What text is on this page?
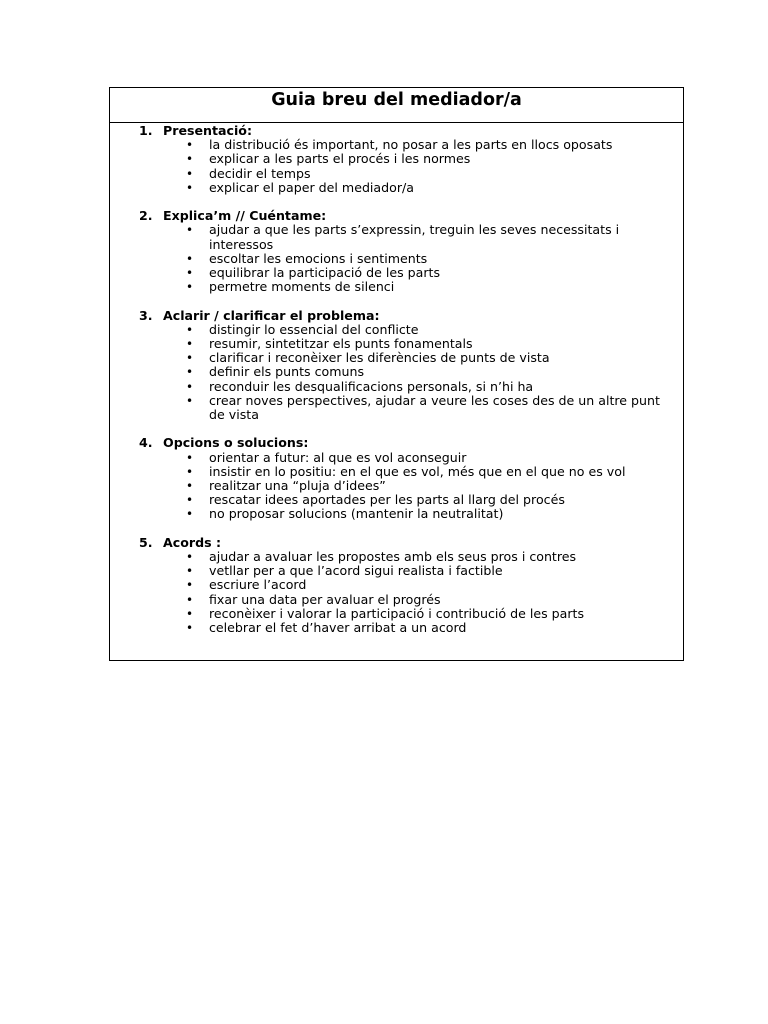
Guia breu del mediador/a
1. Presentació:
• la distribució és important, no posar a les parts en llocs oposats
• explicar a les parts el procés i les normes
• decidir el temps
• explicar el paper del mediador/a
2. Explica’m // Cuéntame:
• ajudar a que les parts s’expressin, treguin les seves necessitats i interessos
• escoltar les emocions i sentiments
• equilibrar la participació de les parts
• permetre moments de silenci
3. Aclarir / clarificar el problema:
• distingir lo essencial del conflicte
• resumir, sintetitzar els punts fonamentals
• clarificar i reconèixer les diferències de punts de vista
• definir els punts comuns
• reconduir les desqualificacions personals, si n’hi ha
• crear noves perspectives, ajudar a veure les coses des de un altre punt de vista
4. Opcions o solucions:
• orientar a futur: al que es vol aconseguir
• insistir en lo positiu: en el que es vol, més que en el que no es vol
• realitzar una “pluja d’idees”
• rescatar idees aportades per les parts al llarg del procés
• no proposar solucions (mantenir la neutralitat)
5. Acords :
• ajudar a avaluar les propostes amb els seus pros i contres
• vetllar per a que l’acord sigui realista i factible
• escriure l’acord
• fixar una data per avaluar el progrés
• reconèixer i valorar la participació i contribució de les parts
• celebrar el fet d’haver arribat a un acord
